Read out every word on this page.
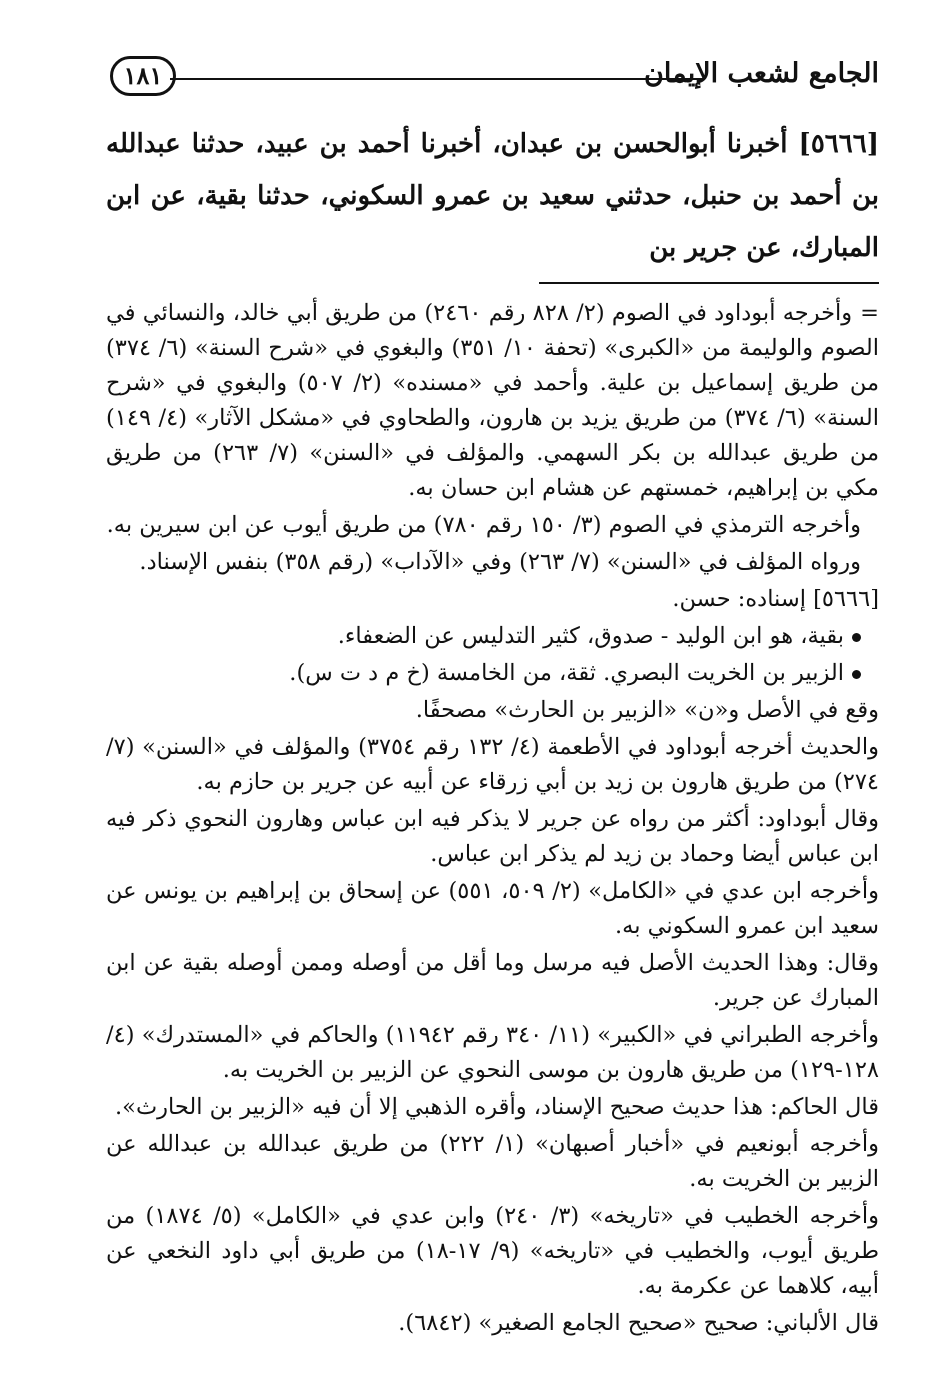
الجامع لشعب الإيمان
١٨١
[٥٦٦٦] أخبرنا أبوالحسن بن عبدان، أخبرنا أحمد بن عبيد، حدثنا عبدالله بن أحمد بن حنبل، حدثني سعيد بن عمرو السكوني، حدثنا بقية، عن ابن المبارك، عن جرير بن

=وأخرجه أبوداود في الصوم (٢/ ٨٢٨ رقم ٢٤٦٠) من طريق أبي خالد، والنسائي في الصوم والوليمة من «الكبرى» (تحفة ١٠/ ٣٥١) والبغوي في «شرح السنة» (٦/ ٣٧٤) من طريق إسماعيل بن علية. وأحمد في «مسنده» (٢/ ٥٠٧) والبغوي في «شرح السنة» (٦/ ٣٧٤) من طريق يزيد بن هارون، والطحاوي في «مشكل الآثار» (٤/ ١٤٩) من طريق عبدالله بن بكر السهمي. والمؤلف في «السنن» (٧/ ٢٦٣) من طريق مكي بن إبراهيم، خمستهم عن هشام ابن حسان به.

وأخرجه الترمذي في الصوم (٣/ ١٥٠ رقم ٧٨٠) من طريق أيوب عن ابن سيرين به.

ورواه المؤلف في «السنن» (٧/ ٢٦٣) وفي «الآداب» (رقم ٣٥٨) بنفس الإسناد.

[٥٦٦٦] إسناده: حسن.

بقية، هو ابن الوليد - صدوق، كثير التدليس عن الضعفاء.

الزبير بن الخريت البصري. ثقة، من الخامسة (خ م د ت س).

وقع في الأصل و«ن» «الزبير بن الحارث» مصحفًا.

والحديث أخرجه أبوداود في الأطعمة (٤/ ١٣٢ رقم ٣٧٥٤) والمؤلف في «السنن» (٧/ ٢٧٤) من طريق هارون بن زيد بن أبي زرقاء عن أبيه عن جرير بن حازم به.

وقال أبوداود: أكثر من رواه عن جرير لا يذكر فيه ابن عباس وهارون النحوي ذكر فيه ابن عباس أيضا وحماد بن زيد لم يذكر ابن عباس.

وأخرجه ابن عدي في «الكامل» (٢/ ٥٠٩، ٥٥١) عن إسحاق بن إبراهيم بن يونس عن سعيد ابن عمرو السكوني به.

وقال: وهذا الحديث الأصل فيه مرسل وما أقل من أوصله وممن أوصله بقية عن ابن المبارك عن جرير.

وأخرجه الطبراني في «الكبير» (١١/ ٣٤٠ رقم ١١٩٤٢) والحاكم في «المستدرك» (٤/ ١٢٨-١٢٩) من طريق هارون بن موسى النحوي عن الزبير بن الخريت به.

قال الحاكم: هذا حديث صحيح الإسناد، وأقره الذهبي إلا أن فيه «الزبير بن الحارث».

وأخرجه أبونعيم في «أخبار أصبهان» (١/ ٢٢٢) من طريق عبدالله بن عبدالله عن الزبير بن الخريت به.

وأخرجه الخطيب في «تاريخه» (٣/ ٢٤٠) وابن عدي في «الكامل» (٥/ ١٨٧٤) من طريق أيوب، والخطيب في «تاريخه» (٩/ ١٧-١٨) من طريق أبي داود النخعي عن أبيه، كلاهما عن عكرمة به.

قال الألباني: صحيح «صحيح الجامع الصغير» (٦٨٤٢).
